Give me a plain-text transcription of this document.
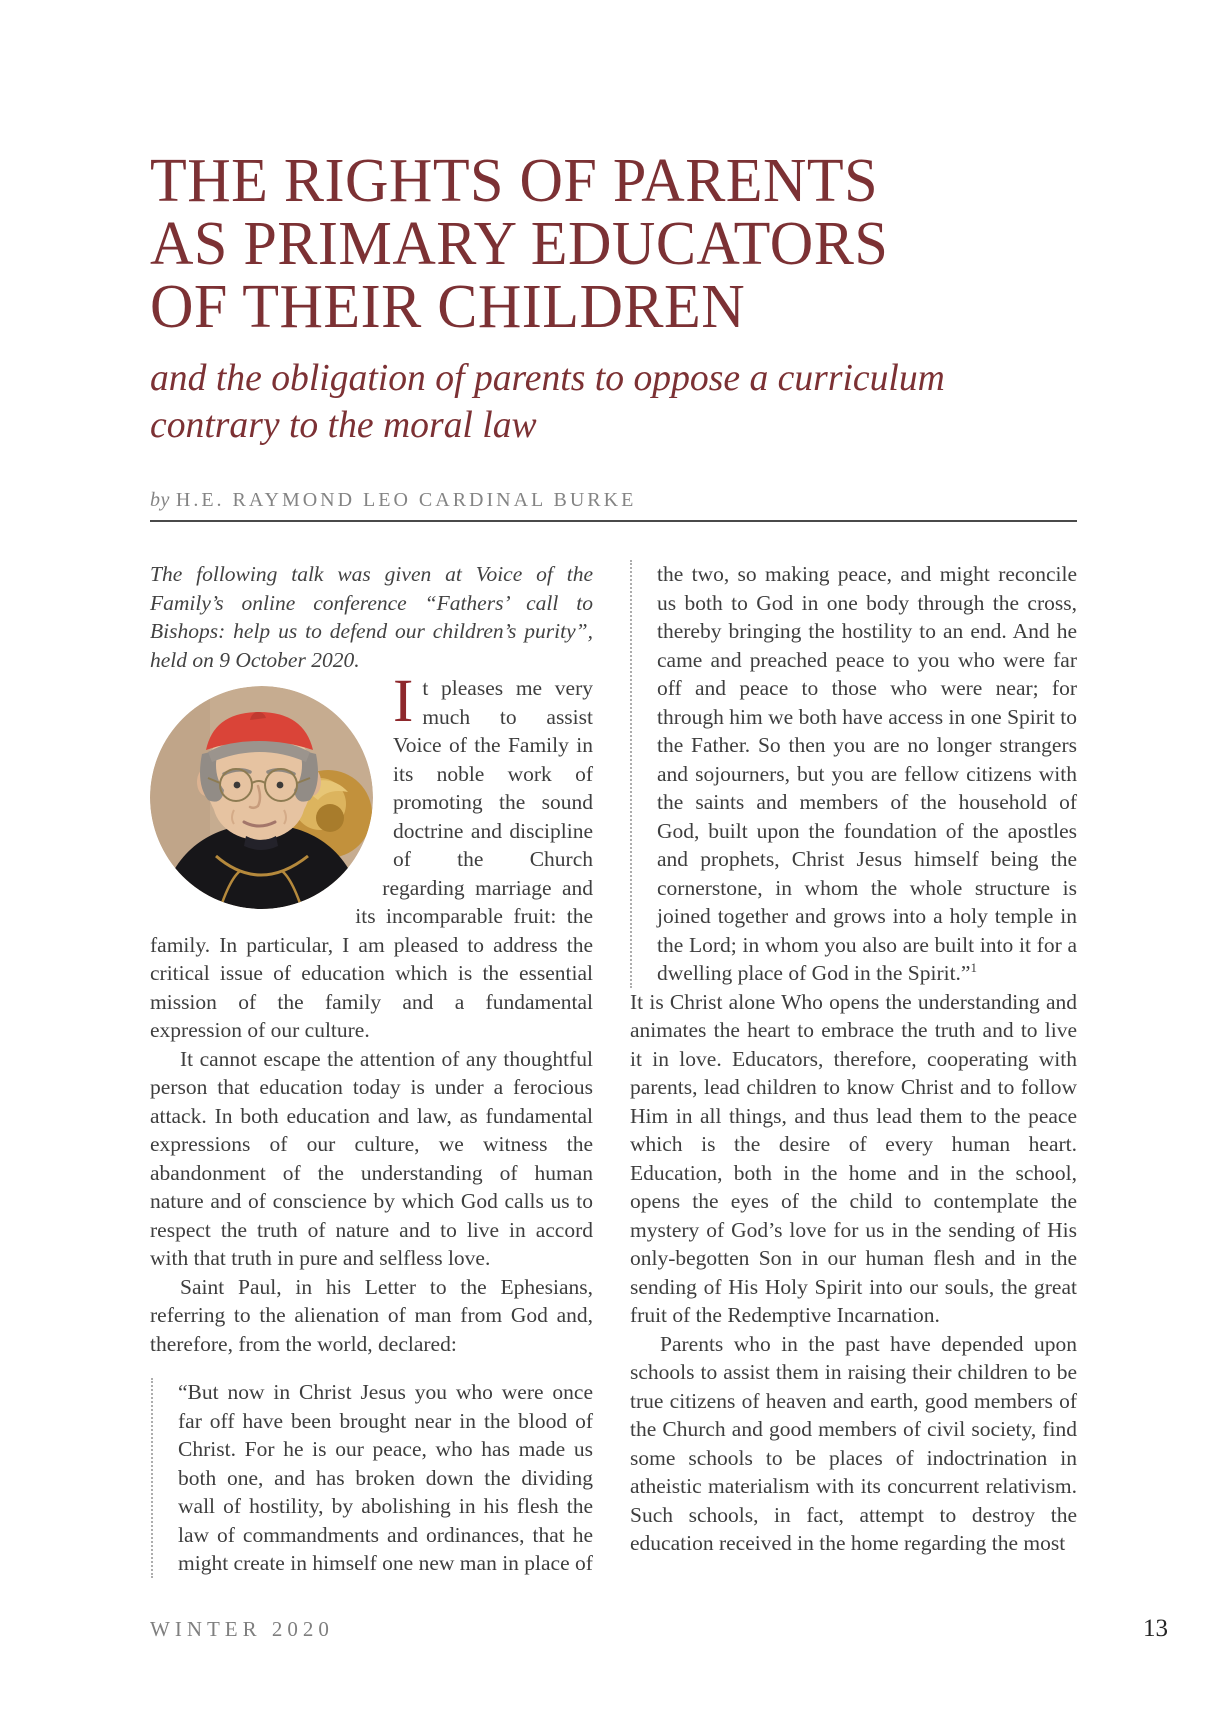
THE RIGHTS OF PARENTS
AS PRIMARY EDUCATORS
OF THEIR CHILDREN
and the obligation of parents to oppose a curriculum
contrary to the moral law
by H.E. RAYMOND LEO CARDINAL BURKE

The following talk was given at Voice of the Family’s online conference “Fathers’ call to Bishops: help us to defend our children’s purity”, held on 9 October 2020.

It pleases me very much to assist Voice of the Family in its noble work of promoting the sound doctrine and discipline of the Church regarding marriage and its incomparable fruit: the family. In particular, I am pleased to address the critical issue of education which is the essential mission of the family and a fundamental expression of our culture.

It cannot escape the attention of any thoughtful person that education today is under a ferocious attack. In both education and law, as fundamental expressions of our culture, we witness the abandonment of the understanding of human nature and of conscience by which God calls us to respect the truth of nature and to live in accord with that truth in pure and selfless love.

Saint Paul, in his Letter to the Ephesians, referring to the alienation of man from God and, therefore, from the world, declared:

“But now in Christ Jesus you who were once far off have been brought near in the blood of Christ. For he is our peace, who has made us both one, and has broken down the dividing wall of hostility, by abolishing in his flesh the law of commandments and ordinances, that he might create in himself one new man in place of
the two, so making peace, and might reconcile us both to God in one body through the cross, thereby bringing the hostility to an end. And he came and preached peace to you who were far off and peace to those who were near; for through him we both have access in one Spirit to the Father. So then you are no longer strangers and sojourners, but you are fellow citizens with the saints and members of the household of God, built upon the foundation of the apostles and prophets, Christ Jesus himself being the cornerstone, in whom the whole structure is joined together and grows into a holy temple in the Lord; in whom you also are built into it for a dwelling place of God in the Spirit.”$^1$

It is Christ alone Who opens the understanding and animates the heart to embrace the truth and to live it in love. Educators, therefore, cooperating with parents, lead children to know Christ and to follow Him in all things, and thus lead them to the peace which is the desire of every human heart. Education, both in the home and in the school, opens the eyes of the child to contemplate the mystery of God’s love for us in the sending of His only-begotten Son in our human flesh and in the sending of His Holy Spirit into our souls, the great fruit of the Redemptive Incarnation.

Parents who in the past have depended upon schools to assist them in raising their children to be true citizens of heaven and earth, good members of the Church and good members of civil society, find some schools to be places of indoctrination in atheistic materialism with its concurrent relativism. Such schools, in fact, attempt to destroy the education received in the home regarding the most

WINTER 2020	13
